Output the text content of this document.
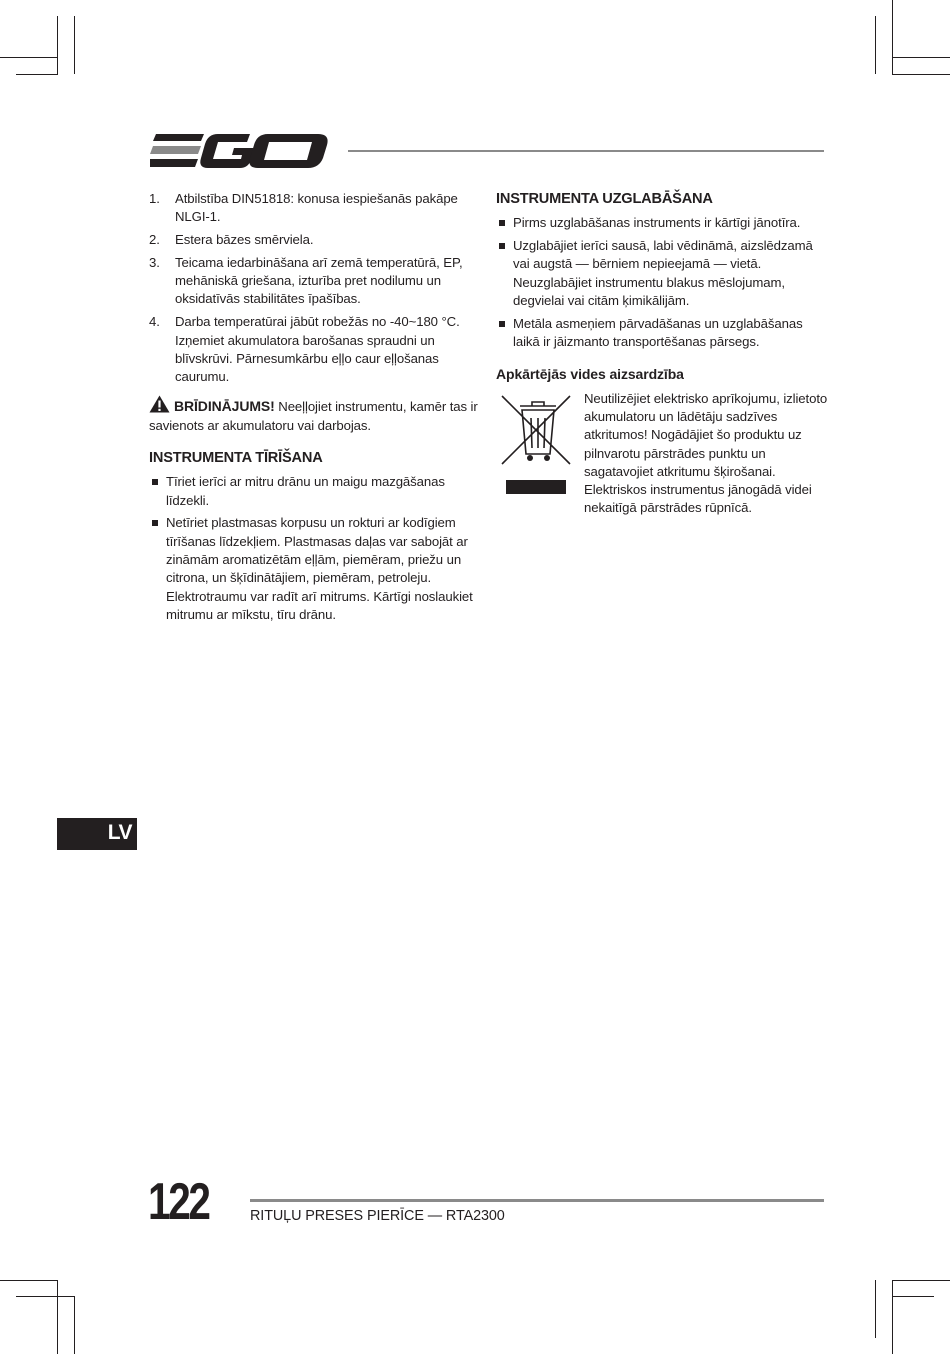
1. Atbilstība DIN51818: konusa iespiešanās pakāpe NLGI-1.
2. Estera bāzes smērviela.
3. Teicama iedarbināšana arī zemā temperatūrā, EP, mehāniskā griešana, izturība pret nodilumu un oksidatīvās stabilitātes īpašības.
4. Darba temperatūrai jābūt robežās no -40~180 °C. Izņemiet akumulatora barošanas spraudni un blīvskrūvi. Pārnesumkārbu eļļo caur eļļošanas caurumu.
BRĪDINĀJUMS! Neeļļojiet instrumentu, kamēr tas ir savienots ar akumulatoru vai darbojas.
INSTRUMENTA TĪRĪŠANA
Tīriet ierīci ar mitru drānu un maigu mazgāšanas līdzekli.
Netīriet plastmasas korpusu un rokturi ar kodīgiem tīrīšanas līdzekļiem. Plastmasas daļas var sabojāt ar zināmām aromatizētām eļļām, piemēram, priežu un citrona, un šķīdinātājiem, piemēram, petroleju. Elektrotraumu var radīt arī mitrums. Kārtīgi noslaukiet mitrumu ar mīkstu, tīru drānu.
INSTRUMENTA UZGLABĀŠANA
Pirms uzglabāšanas instruments ir kārtīgi jānotīra.
Uzglabājiet ierīci sausā, labi vēdināmā, aizslēdzamā vai augstā — bērniem nepieejamā — vietā. Neuzglabājiet instrumentu blakus mēslojumam, degvielai vai citām ķimikālijām.
Metāla asmeņiem pārvadāšanas un uzglabāšanas laikā ir jāizmanto transportēšanas pārsegs.
Apkārtējās vides aizsardzība
Neutilizējiet elektrisko aprīkojumu, izlietoto akumulatoru un lādētāju sadzīves atkritumos! Nogādājiet šo produktu uz pilnvarotu pārstrādes punktu un sagatavojiet atkritumu šķirošanai. Elektriskos instrumentus jānogādā videi nekaitīgā pārstrādes rūpnīcā.
LV
122	RITUĻU PRESES PIERĪCE — RTA2300
